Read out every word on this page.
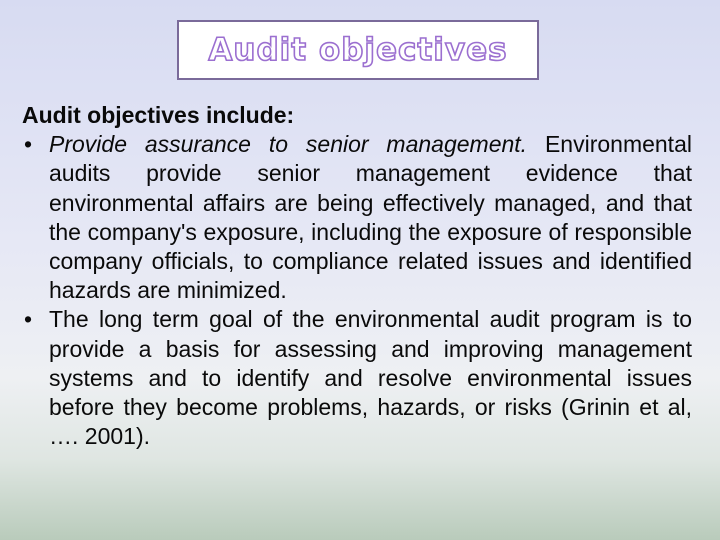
Audit objectives

Audit objectives include:

• Provide assurance to senior management. Environmental audits provide senior management evidence that environmental affairs are being effectively managed, and that the company's exposure, including the exposure of responsible company officials, to compliance related issues and identified hazards are minimized.
• The long term goal of the environmental audit program is to provide a basis for assessing and improving management systems and to identify and resolve environmental issues before they become problems, hazards, or risks (Grinin et al, …. 2001).
